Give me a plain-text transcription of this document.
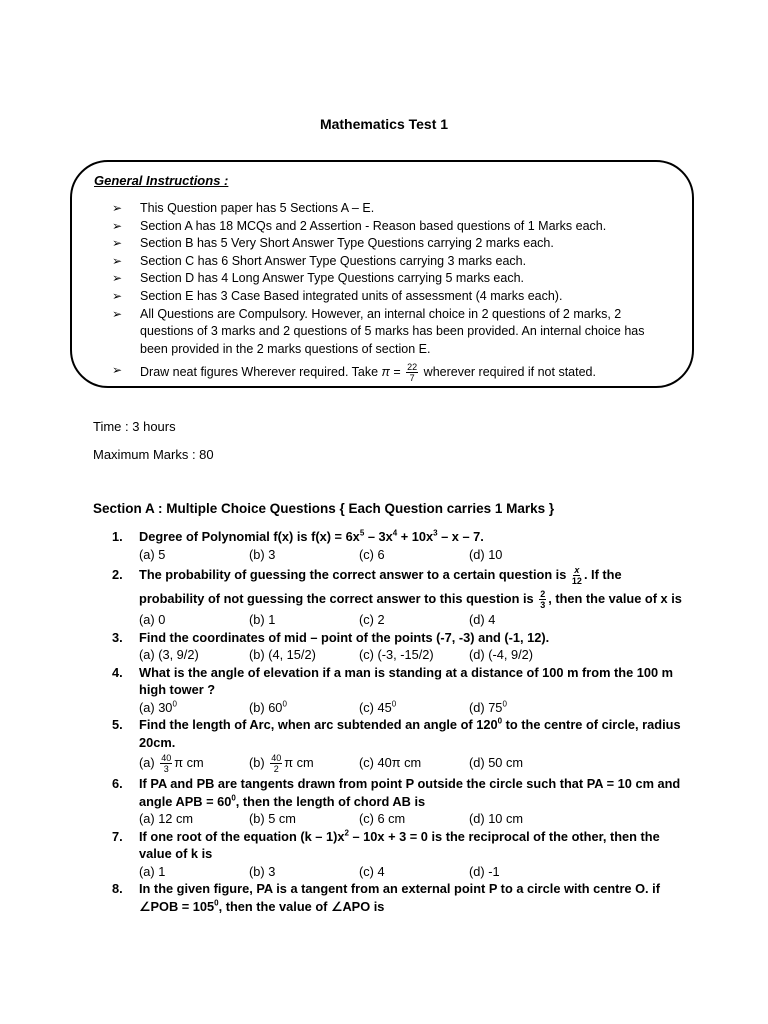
Mathematics Test 1
General Instructions :
➢	This Question paper has 5 Sections A – E.
➢	Section A has 18 MCQs and 2 Assertion - Reason based questions of 1 Marks each.
➢	Section B has 5 Very Short Answer Type Questions carrying 2 marks each.
➢	Section C has 6 Short Answer Type Questions carrying 3 marks each.
➢	Section D has 4 Long Answer Type Questions carrying 5 marks each.
➢	Section E has 3 Case Based integrated units of assessment (4 marks each).
➢	All Questions are Compulsory. However, an internal choice in 2 questions of 2 marks, 2 questions of 3 marks and 2 questions of 5 marks has been provided. An internal choice has been provided in the 2 marks questions of section E.
➢	Draw neat figures Wherever required. Take $\pi = \frac{22}{7}$ wherever required if not stated.
Time : 3 hours
Maximum Marks : 80
Section A : Multiple Choice Questions { Each Question carries 1 Marks }
1.	Degree of Polynomial f(x) is $f(x) = 6x^5 - 3x^4 + 10x^3 - x - 7$.
(a) 5	(b) 3	(c) 6	(d) 10
2.	The probability of guessing the correct answer to a certain question is $\frac{x}{12}$ . If the probability of not guessing the correct answer to this question is $\frac{2}{3}$ , then the value of x is
(a) 0	(b) 1	(c) 2	(d) 4
3.	Find the coordinates of mid – point of the points (-7, -3) and (-1, 12).
(a) (3, 9/2)	(b) (4, 15/2)	(c) (-3, -15/2)	(d) (-4, 9/2)
4.	What is the angle of elevation if a man is standing at a distance of 100 m from the 100 m high tower ?
(a) $30^0$	(b) $60^0$	(c) $45^0$	(d) $75^0$
5.	Find the length of Arc, when arc subtended an angle of $120^0$ to the centre of circle, radius 20cm.
$(a) \frac{40}{3}$ π cm	$(b) \frac{40}{2}$ π cm	(c) 40π cm	(d) 50 cm
6.	If PA and PB are tangents drawn from point P outside the circle such that PA = 10 cm and angle APB = $60^0$, then the length of chord AB is
(a) 12 cm	(b) 5 cm	(c) 6 cm	(d) 10 cm
7.	If one root of the equation $(k - 1)x^2 - 10x + 3 = 0$ is the reciprocal of the other, then the value of k is
(a) 1	(b) 3	(c) 4	(d) -1
8.	In the given figure, PA is a tangent from an external point P to a circle with centre O. if ∠POB = $105^0$, then the value of ∠APO is
